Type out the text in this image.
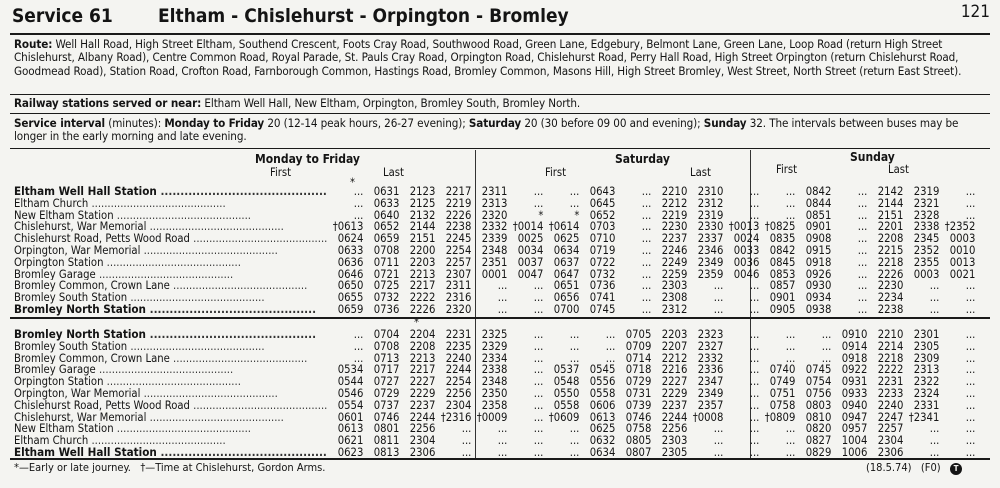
Service 61 Eltham - Chislehurst - Orpington - Bromley	121
Route: Well Hall Road, High Street Eltham, Southend Crescent, Foots Cray Road, Southwood Road, Green Lane, Edgebury, Belmont Lane, Green Lane, Loop Road (return High Street Chislehurst, Albany Road), Centre Common Road, Royal Parade, St. Pauls Cray Road, Orpington Road, Chislehurst Road, Perry Hall Road, High Street Orpington (return Chislehurst Road, Goodmead Road), Station Road, Crofton Road, Farnborough Common, Hastings Road, Bromley Common, Masons Hill, High Street Bromley, West Street, North Street (return East Street).
Railway stations served or near: Eltham Well Hall, New Eltham, Orpington, Bromley South, Bromley North.
Service interval (minutes): Monday to Friday 20 (12-14 peak hours, 26-27 evening); Saturday 20 (30 before 09 00 and evening); Sunday 32. The intervals between buses may be longer in the early morning and late evening.
Monday to Friday	Saturday	Sunday
First	Last
*
First	Last	First	Last
Eltham Well Hall Station ..........................................	...	0631	2123	2217	2311	...	...	0643	...	2210	2310	...	...	0842	...	2142	2319	...
Eltham Church ..........................................	...	0633	2125	2219	2313	...	...	0645	...	2212	2312	...	...	0844	...	2144	2321	...
New Eltham Station ..........................................	...	0640	2132	2226	2320	*	*	0652	...	2219	2319	...	...	0851	...	2151	2328	...
Chislehurst, War Memorial ..........................................	†0613	0652	2144	2238	2332	†0014	†0614	0703	...	2230	2330	†0013	†0825	0901	...	2201	2338	†2352
Chislehurst Road, Petts Wood Road ..........................................	0624	0659	2151	2245	2339	0025	0625	0710	...	2237	2337	0024	0835	0908	...	2208	2345	0003
Orpington, War Memorial ..........................................	0633	0708	2200	2254	2348	0034	0634	0719	...	2246	2346	0033	0842	0915	...	2215	2352	0010
Orpington Station ..........................................	0636	0711	2203	2257	2351	0037	0637	0722	...	2249	2349	0036	0845	0918	...	2218	2355	0013
Bromley Garage ..........................................	0646	0721	2213	2307	0001	0047	0647	0732	...	2259	2359	0046	0853	0926	...	2226	0003	0021
Bromley Common, Crown Lane ..........................................	0650	0725	2217	2311	...	...	0651	0736	...	2303	...	...	0857	0930	...	2230	...	...
Bromley South Station ..........................................	0655	0732	2222	2316	...	...	0656	0741	...	2308	...	...	0901	0934	...	2234	...	...
Bromley North Station ..........................................	0659	0736	2226	2320	...	...	0700	0745	...	2312	...	...	0905	0938	...	2238	...	...
*
Bromley North Station ..........................................	...	0704	2204	2231	2325	...	...	...	0705	2203	2323	...	...	...	0910	2210	2301	...
Bromley South Station ..........................................	...	0708	2208	2235	2329	...	...	...	0709	2207	2327	...	...	...	0914	2214	2305	...
Bromley Common, Crown Lane ..........................................	...	0713	2213	2240	2334	...	...	...	0714	2212	2332	...	...	...	0918	2218	2309	...
Bromley Garage ..........................................	0534	0717	2217	2244	2338	...	0537	0545	0718	2216	2336	...	0740	0745	0922	2222	2313	...
Orpington Station ..........................................	0544	0727	2227	2254	2348	...	0548	0556	0729	2227	2347	...	0749	0754	0931	2231	2322	...
Orpington, War Memorial ..........................................	0546	0729	2229	2256	2350	...	0550	0558	0731	2229	2349	...	0751	0756	0933	2233	2324	...
Chislehurst Road, Petts Wood Road ..........................................	0554	0737	2237	2304	2358	...	0558	0606	0739	2237	2357	...	0758	0803	0940	2240	2331	...
Chislehurst, War Memorial ..........................................	0601	0746	2244	†2316	†0009	...	†0609	0613	0746	2244	†0008	...	†0809	0810	0947	2247	†2341	...
New Eltham Station ..........................................	0613	0801	2256	...	...	...	...	0625	0758	2256	...	...	...	0820	0957	2257	...	...
Eltham Church ..........................................	0621	0811	2304	...	...	...	...	0632	0805	2303	...	...	...	0827	1004	2304	...	...
Eltham Well Hall Station ..........................................	0623	0813	2306	...	...	...	...	0634	0807	2305	...	...	...	0829	1006	2306	...	...
*—Early or late journey. †—Time at Chislehurst, Gordon Arms.	(18.5.74) (F0) T
